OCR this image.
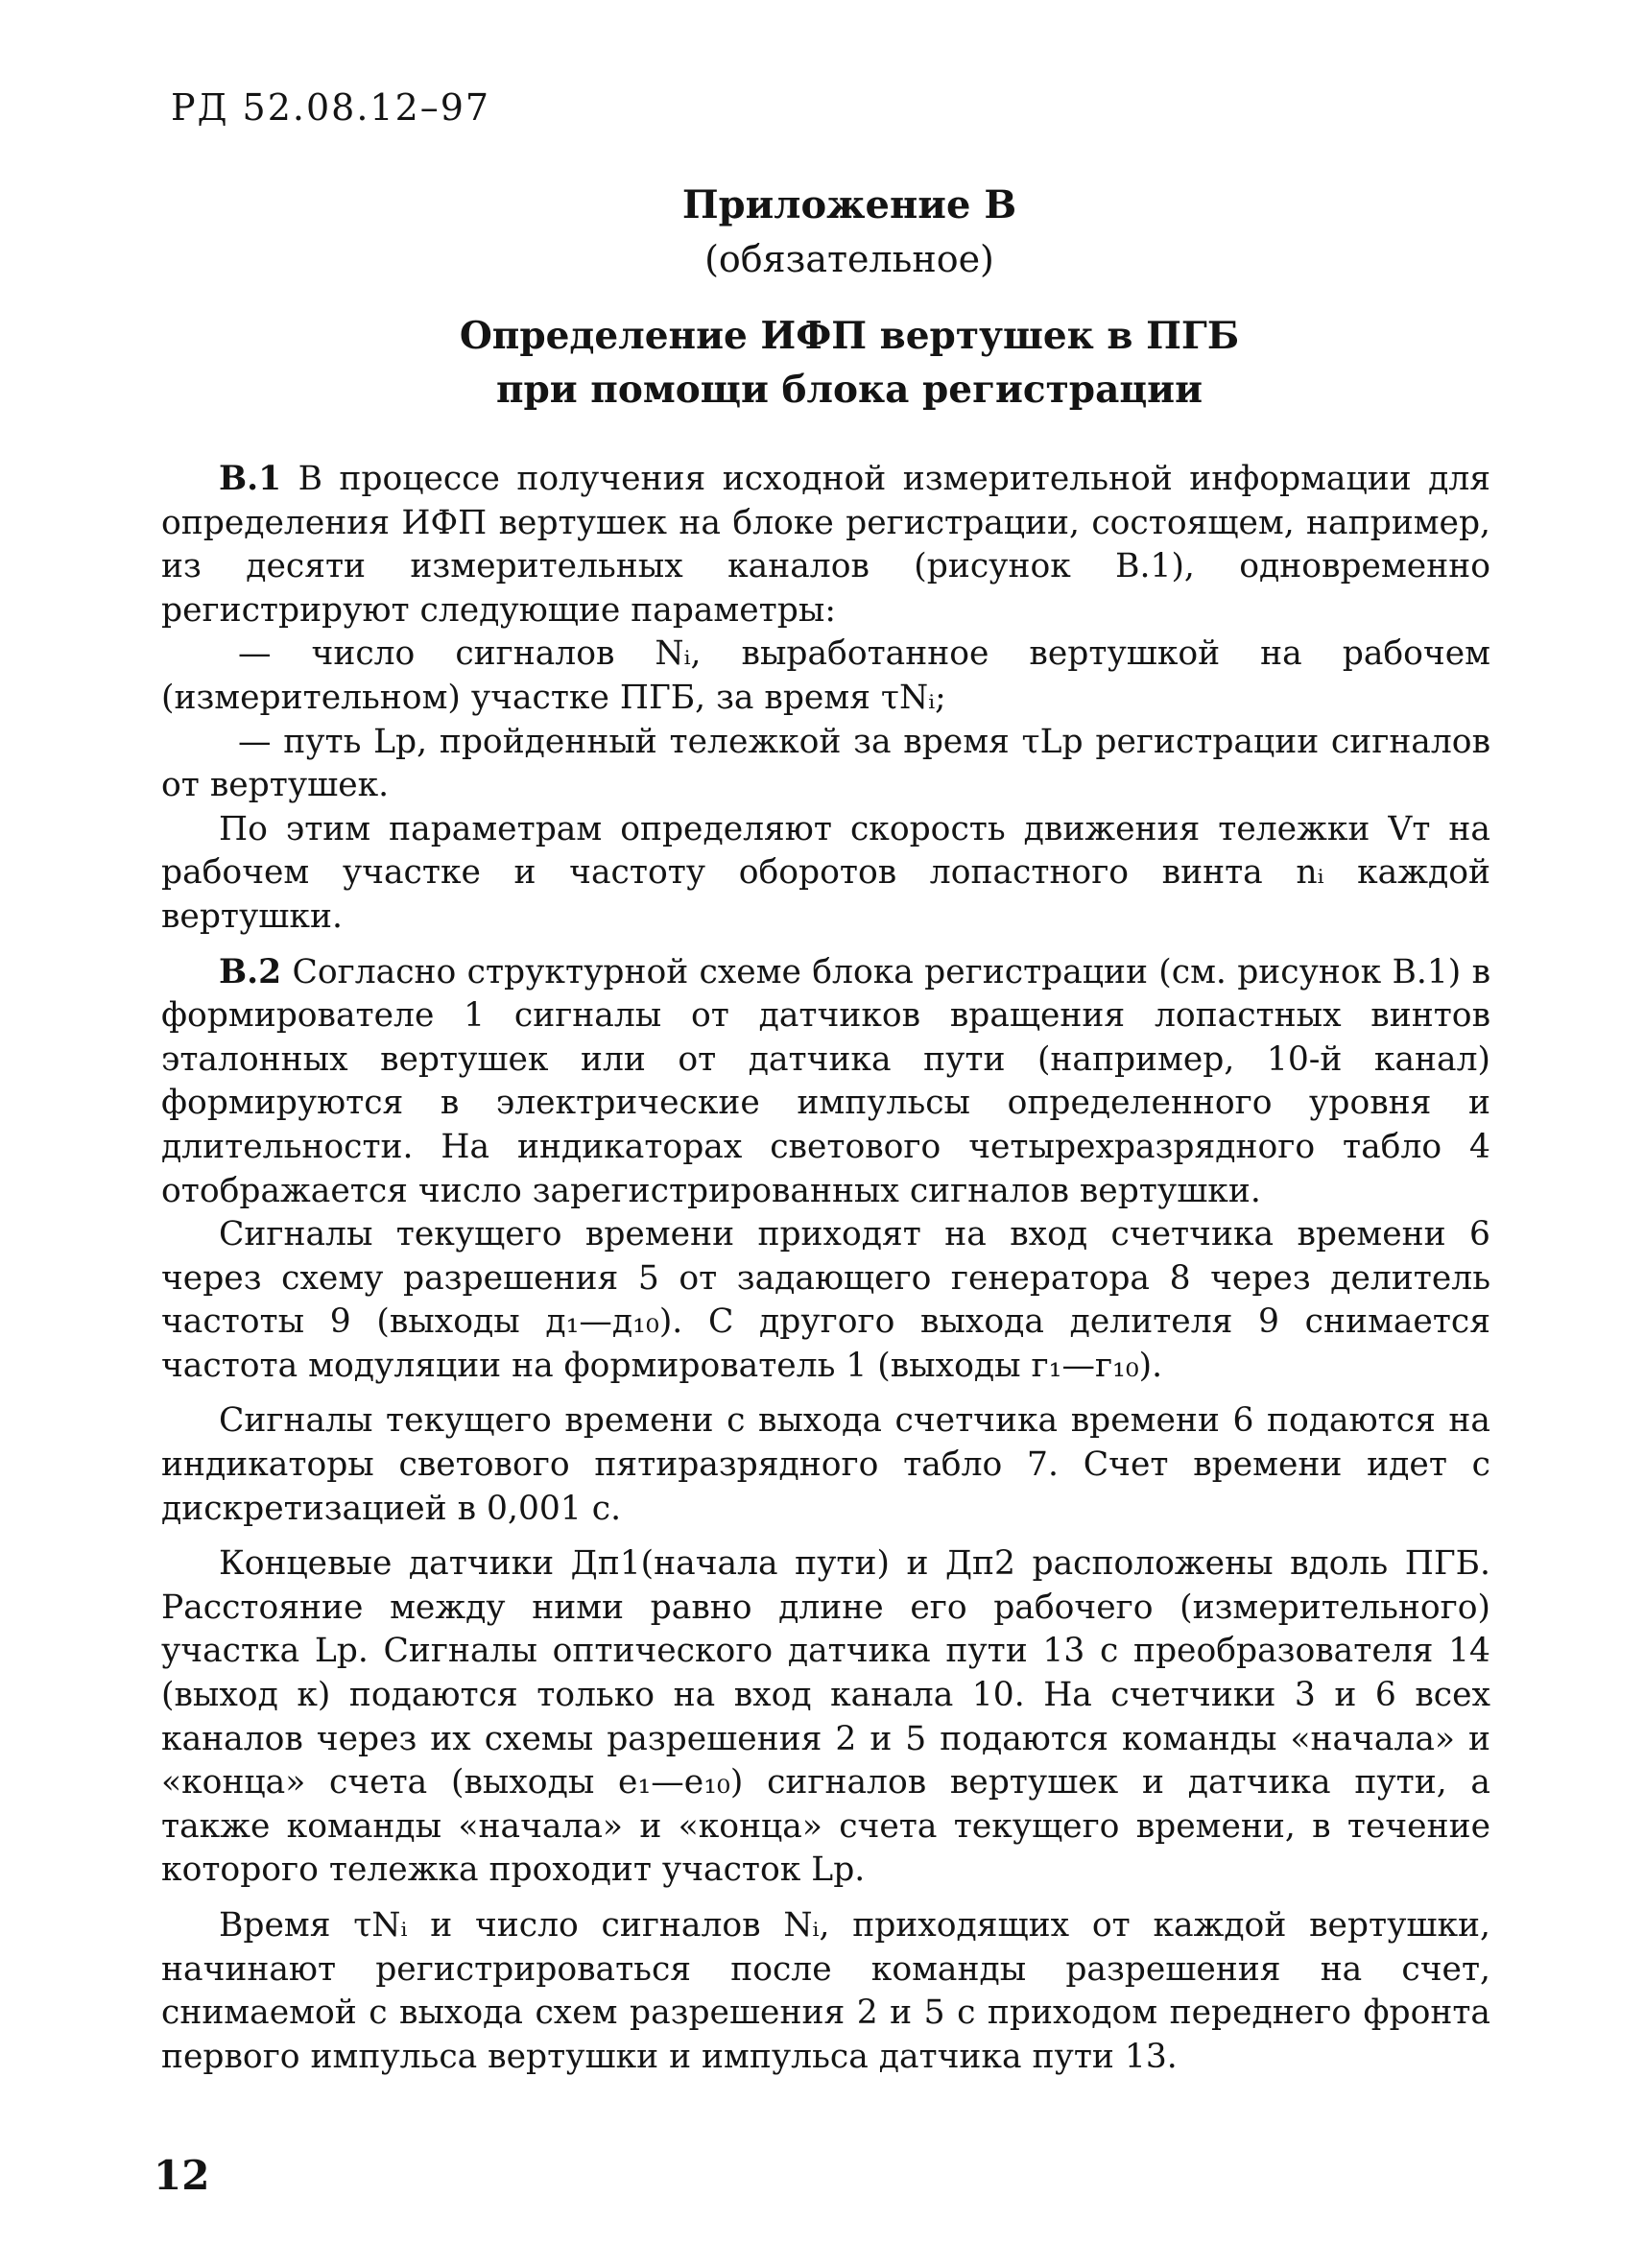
РД 52.08.12–97
Приложение В
(обязательное)
Определение ИФП вертушек в ПГБ
при помощи блока регистрации

В.1 В процессе получения исходной измерительной информации для определения ИФП вертушек на блоке регистрации, состоящем, например, из десяти измерительных каналов (рисунок В.1), одновременно регистрируют следующие параметры:

— число сигналов Nᵢ, выработанное вертушкой на рабочем (измерительном) участке ПГБ, за время τNᵢ;

— путь Lр, пройденный тележкой за время τLр регистрации сигналов от вертушек.

По этим параметрам определяют скорость движения тележки Vт на рабочем участке и частоту оборотов лопастного винта nᵢ каждой вертушки.

В.2 Согласно структурной схеме блока регистрации (см. рисунок В.1) в формирователе 1 сигналы от датчиков вращения лопастных винтов эталонных вертушек или от датчика пути (например, 10-й канал) формируются в электрические импульсы определенного уровня и длительности. На индикаторах светового четырехразрядного табло 4 отображается число зарегистрированных сигналов вертушки.

Сигналы текущего времени приходят на вход счетчика времени 6 через схему разрешения 5 от задающего генератора 8 через делитель частоты 9 (выходы д₁—д₁₀). С другого выхода делителя 9 снимается частота модуляции на формирователь 1 (выходы г₁—г₁₀).

Сигналы текущего времени с выхода счетчика времени 6 подаются на индикаторы светового пятиразрядного табло 7. Счет времени идет с дискретизацией в 0,001 с.

Концевые датчики Дп1(начала пути) и Дп2 расположены вдоль ПГБ. Расстояние между ними равно длине его рабочего (измерительного) участка Lр. Сигналы оптического датчика пути 13 с преобразователя 14 (выход к) подаются только на вход канала 10. На счетчики 3 и 6 всех каналов через их схемы разрешения 2 и 5 подаются команды «начала» и «конца» счета (выходы е₁—е₁₀) сигналов вертушек и датчика пути, а также команды «начала» и «конца» счета текущего времени, в течение которого тележка проходит участок Lр.

Время τNᵢ и число сигналов Nᵢ, приходящих от каждой вертушки, начинают регистрироваться после команды разрешения на счет, снимаемой с выхода схем разрешения 2 и 5 с приходом переднего фронта первого импульса вертушки и импульса датчика пути 13.

12
